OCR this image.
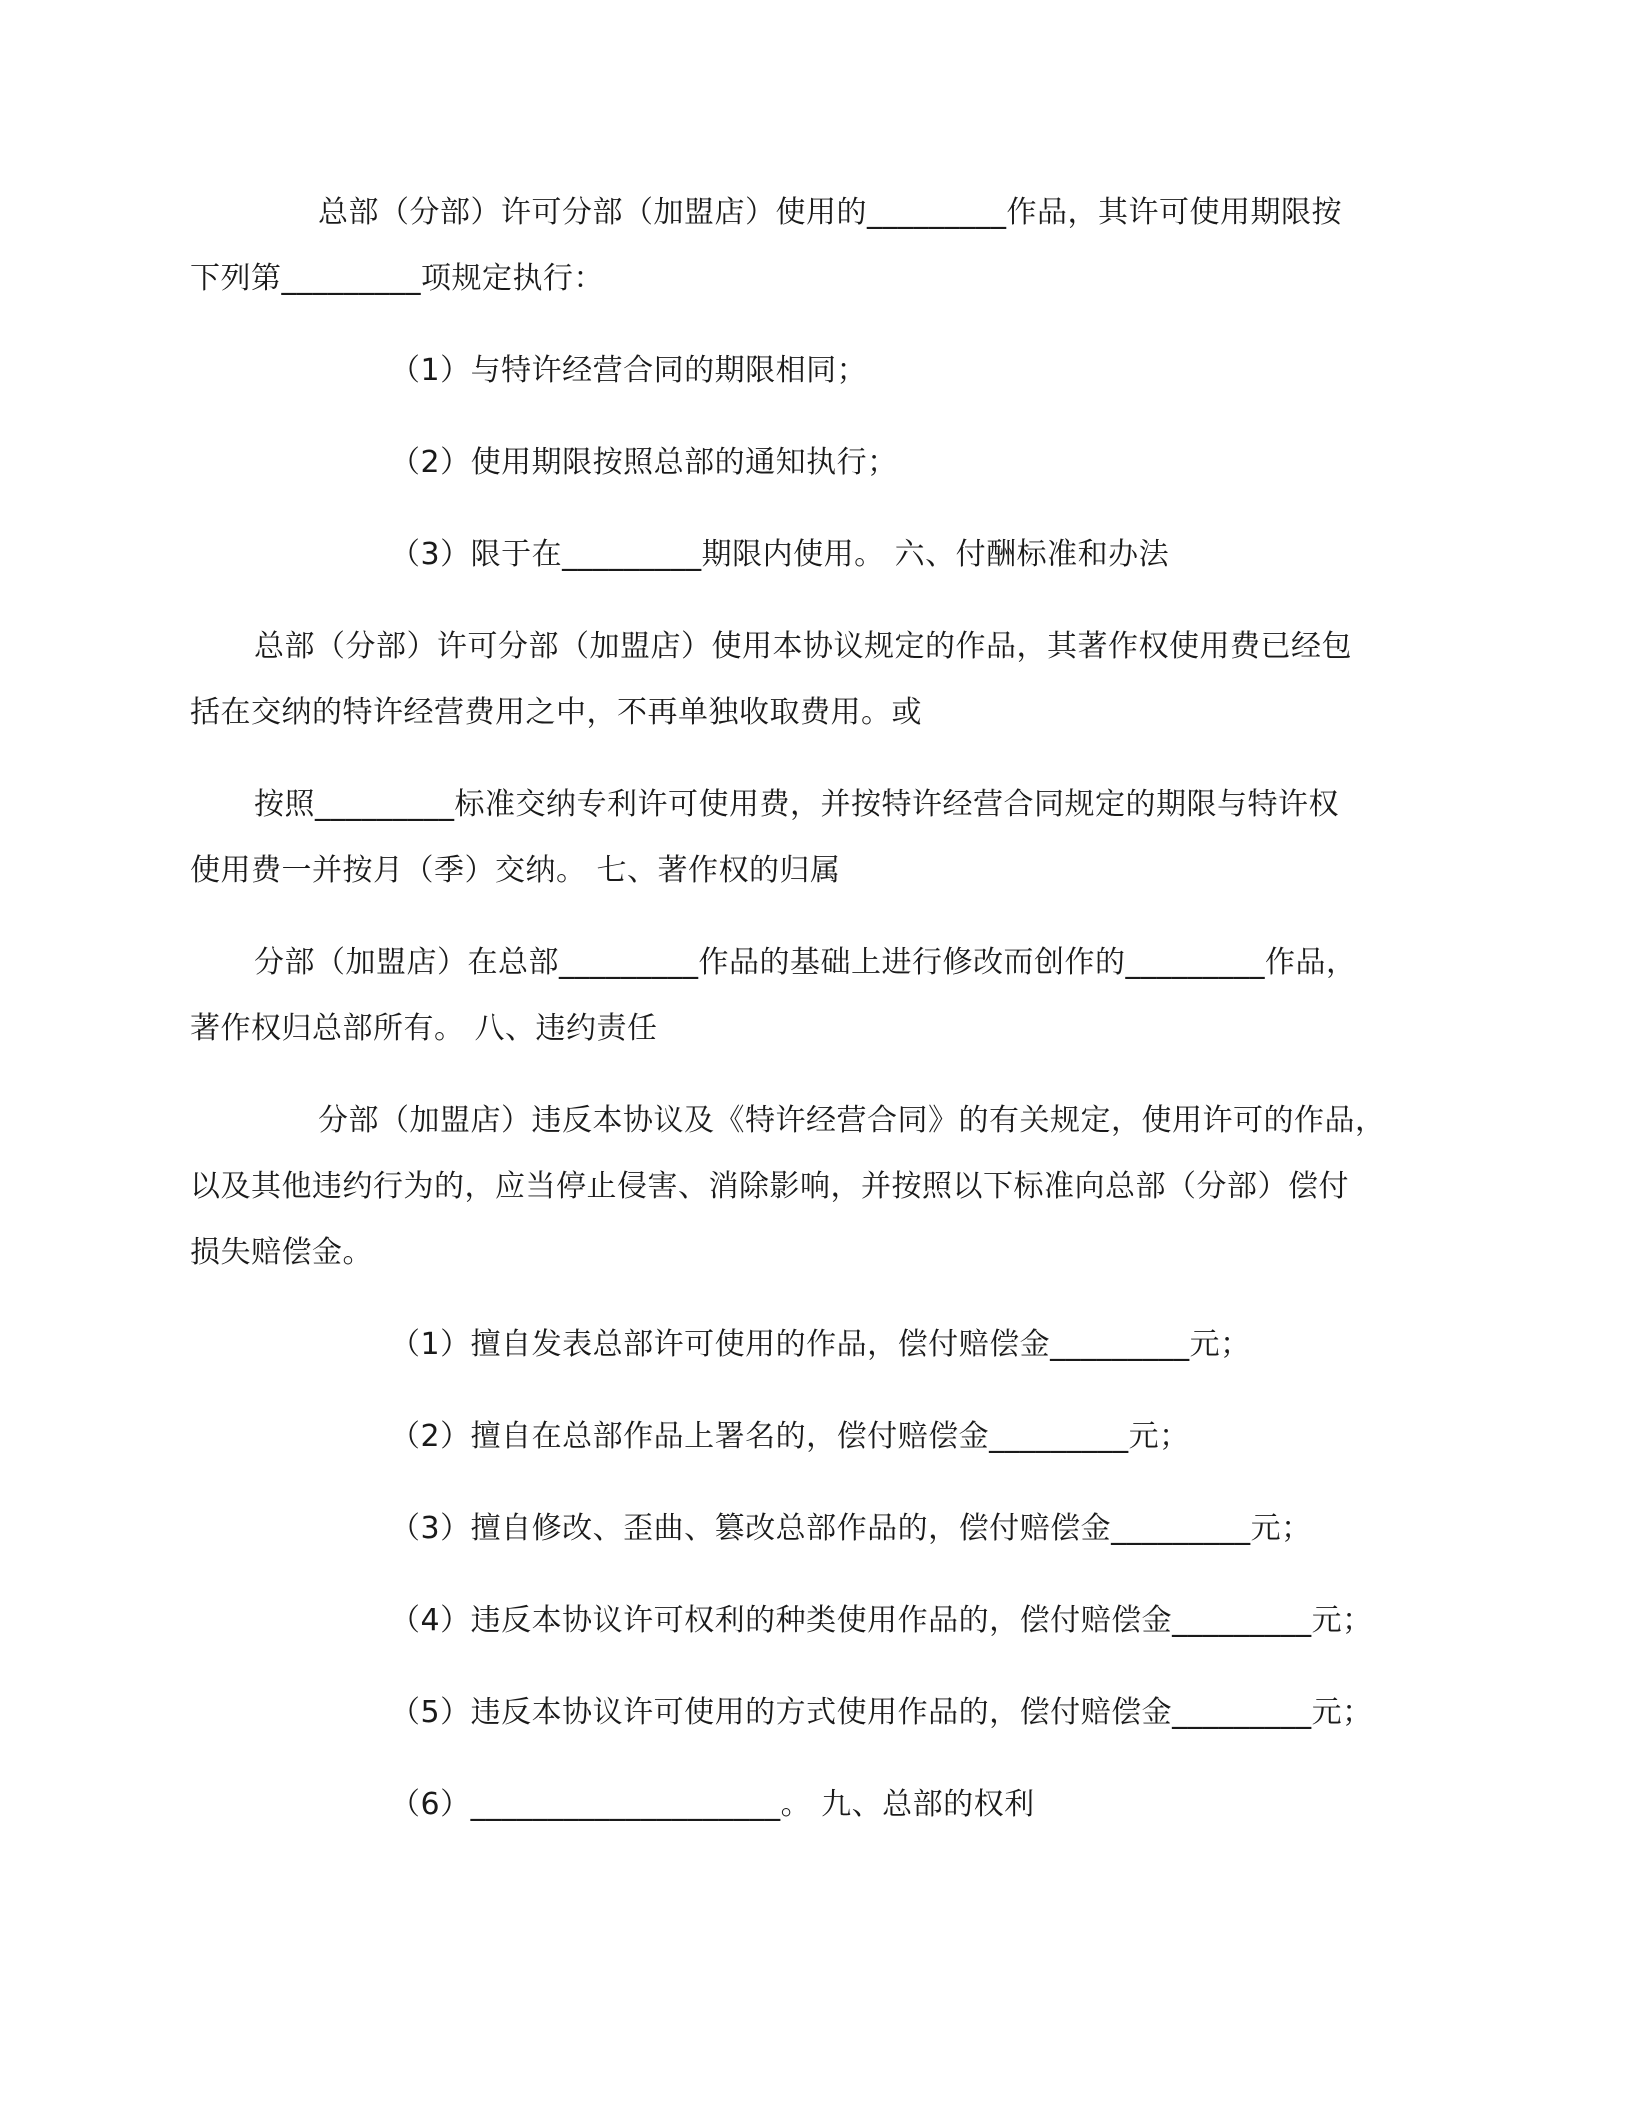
总部（分部）许可分部（加盟店）使用的_________作品，其许可使用期限按
下列第_________项规定执行：
（1）与特许经营合同的期限相同；
（2）使用期限按照总部的通知执行；
（3）限于在_________期限内使用。 六、付酬标准和办法
总部（分部）许可分部（加盟店）使用本协议规定的作品，其著作权使用费已经包
括在交纳的特许经营费用之中，不再单独收取费用。或
按照_________标准交纳专利许可使用费，并按特许经营合同规定的期限与特许权
使用费一并按月（季）交纳。 七、著作权的归属
分部（加盟店）在总部_________作品的基础上进行修改而创作的_________作品，
著作权归总部所有。 八、违约责任
分部（加盟店）违反本协议及《特许经营合同》的有关规定，使用许可的作品，
以及其他违约行为的，应当停止侵害、消除影响，并按照以下标准向总部（分部）偿付
损失赔偿金。
（1）擅自发表总部许可使用的作品，偿付赔偿金_________元；
（2）擅自在总部作品上署名的，偿付赔偿金_________元；
（3）擅自修改、歪曲、篡改总部作品的，偿付赔偿金_________元；
（4）违反本协议许可权利的种类使用作品的，偿付赔偿金_________元；
（5）违反本协议许可使用的方式使用作品的，偿付赔偿金_________元；
（6）____________________。 九、总部的权利
